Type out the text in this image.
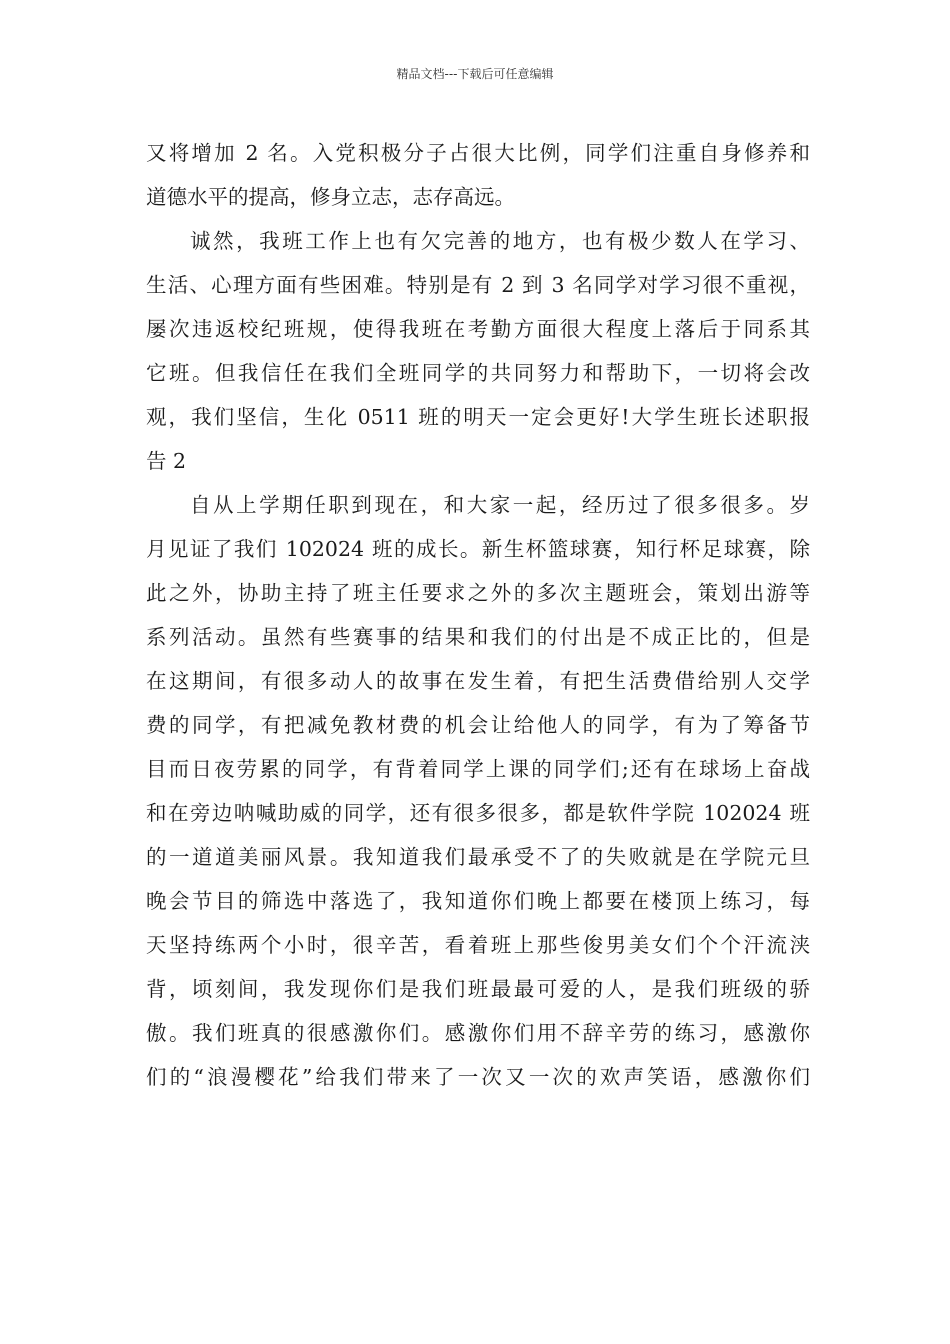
精品文档---下载后可任意编辑
又将增加 2 名。入党积极分子占很大比例，同学们注重自身修养和
道德水平的提高，修身立志，志存高远。
诚然，我班工作上也有欠完善的地方，也有极少数人在学习、
生活、心理方面有些困难。特别是有 2 到 3 名同学对学习很不重视，
屡次违返校纪班规，使得我班在考勤方面很大程度上落后于同系其
它班。但我信任在我们全班同学的共同努力和帮助下，一切将会改
观，我们坚信，生化 0511 班的明天一定会更好!大学生班长述职报
告 2
自从上学期任职到现在，和大家一起，经历过了很多很多。岁
月见证了我们 102024 班的成长。新生杯篮球赛，知行杯足球赛，除
此之外，协助主持了班主任要求之外的多次主题班会，策划出游等
系列活动。虽然有些赛事的结果和我们的付出是不成正比的，但是
在这期间，有很多动人的故事在发生着，有把生活费借给别人交学
费的同学，有把减免教材费的机会让给他人的同学，有为了筹备节
目而日夜劳累的同学，有背着同学上课的同学们;还有在球场上奋战
和在旁边呐喊助威的同学，还有很多很多，都是软件学院 102024 班
的一道道美丽风景。我知道我们最承受不了的失败就是在学院元旦
晚会节目的筛选中落选了，我知道你们晚上都要在楼顶上练习，每
天坚持练两个小时，很辛苦，看着班上那些俊男美女们个个汗流浃
背，顷刻间，我发现你们是我们班最最可爱的人，是我们班级的骄
傲。我们班真的很感激你们。感激你们用不辞辛劳的练习，感激你
们的“浪漫樱花”给我们带来了一次又一次的欢声笑语，感激你们
